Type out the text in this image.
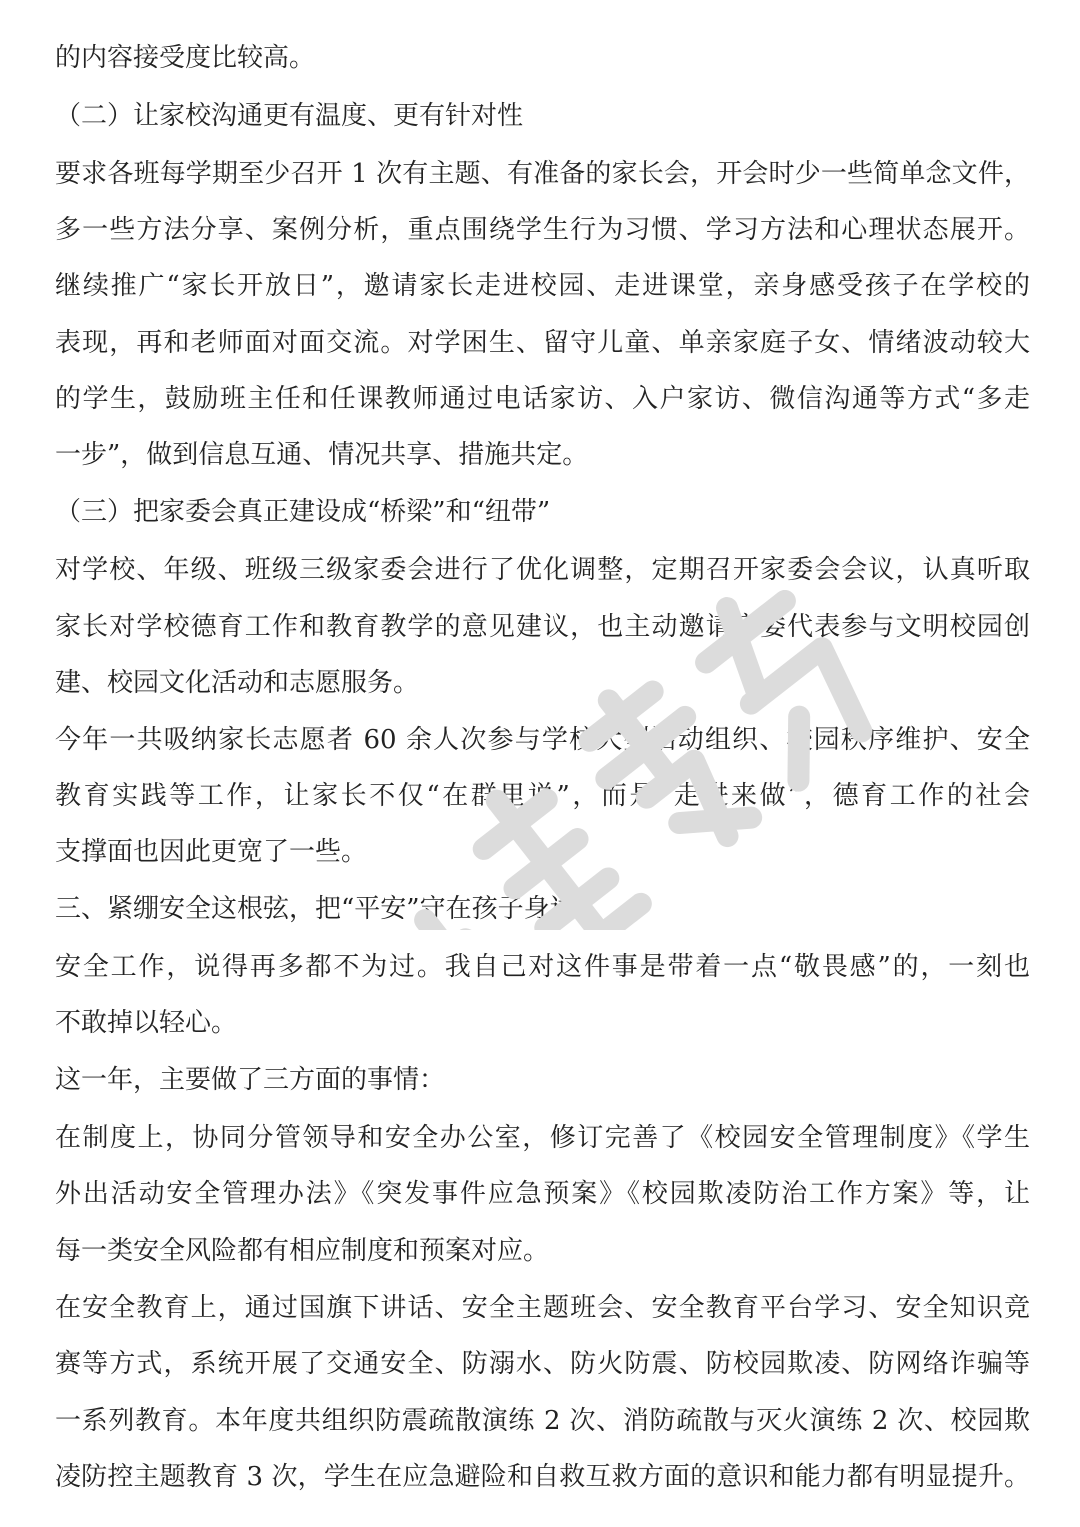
的内容接受度比较高。
（二）让家校沟通更有温度、更有针对性
要求各班每学期至少召开 1 次有主题、有准备的家长会，开会时少一些简单念文件，
多一些方法分享、案例分析，重点围绕学生行为习惯、学习方法和心理状态展开。
继续推广“家长开放日”，邀请家长走进校园、走进课堂，亲身感受孩子在学校的
表现，再和老师面对面交流。对学困生、留守儿童、单亲家庭子女、情绪波动较大
的学生，鼓励班主任和任课教师通过电话家访、入户家访、微信沟通等方式“多走
一步”，做到信息互通、情况共享、措施共定。
（三）把家委会真正建设成“桥梁”和“纽带”
对学校、年级、班级三级家委会进行了优化调整，定期召开家委会会议，认真听取
家长对学校德育工作和教育教学的意见建议，也主动邀请家委代表参与文明校园创
建、校园文化活动和志愿服务。
今年一共吸纳家长志愿者 60 余人次参与学校大型活动组织、校园秩序维护、安全
教育实践等工作，让家长不仅“在群里说”，而是“走进来做”，德育工作的社会
支撑面也因此更宽了一些。
三、紧绷安全这根弦，把“平安”守在孩子身边
安全工作，说得再多都不为过。我自己对这件事是带着一点“敬畏感”的，一刻也
不敢掉以轻心。
这一年，主要做了三方面的事情：
在制度上，协同分管领导和安全办公室，修订完善了《校园安全管理制度》《学生
外出活动安全管理办法》《突发事件应急预案》《校园欺凌防治工作方案》等，让
每一类安全风险都有相应制度和预案对应。
在安全教育上，通过国旗下讲话、安全主题班会、安全教育平台学习、安全知识竞
赛等方式，系统开展了交通安全、防溺水、防火防震、防校园欺凌、防网络诈骗等
一系列教育。本年度共组织防震疏散演练 2 次、消防疏散与灭火演练 2 次、校园欺
凌防控主题教育 3 次，学生在应急避险和自救互救方面的意识和能力都有明显提升。
